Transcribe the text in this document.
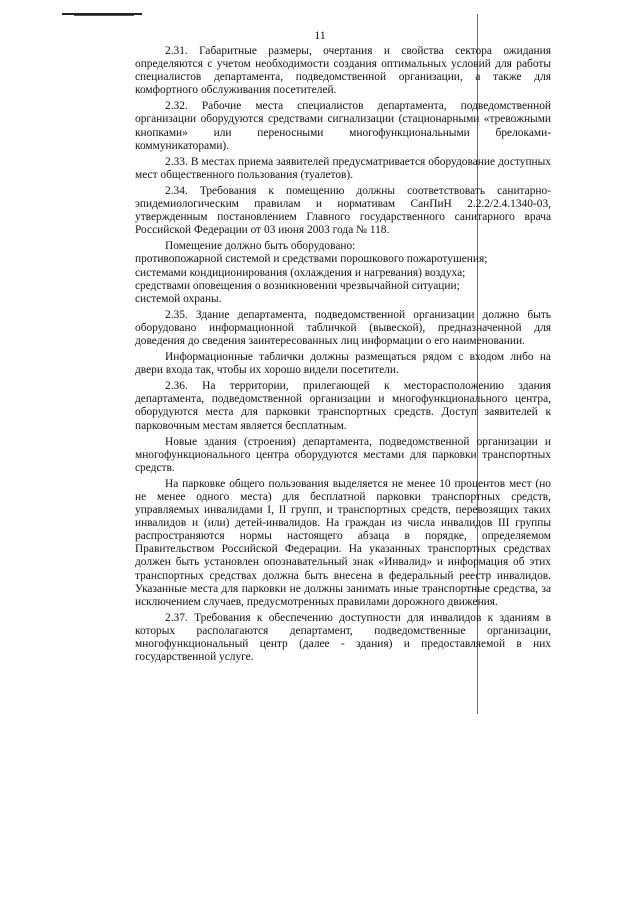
11

2.31. Габаритные размеры, очертания и свойства сектора ожидания определяются с учетом необходимости создания оптимальных условий для работы специалистов департамента, подведомственной организации, а также для комфортного обслуживания посетителей.

2.32. Рабочие места специалистов департамента, подведомственной организации оборудуются средствами сигнализации (стационарными «тревожными кнопками» или переносными многофункциональными брелоками-коммуникаторами).

2.33. В местах приема заявителей предусматривается оборудование доступных мест общественного пользования (туалетов).

2.34. Требования к помещению должны соответствовать санитарно-эпидемиологическим правилам и нормативам СанПиН 2.2.2/2.4.1340-03, утвержденным постановлением Главного государственного санитарного врача Российской Федерации от 03 июня 2003 года № 118.

Помещение должно быть оборудовано:

противопожарной системой и средствами порошкового пожаротушения;

системами кондиционирования (охлаждения и нагревания) воздуха;

средствами оповещения о возникновении чрезвычайной ситуации;

системой охраны.

2.35. Здание департамента, подведомственной организации должно быть оборудовано информационной табличкой (вывеской), предназначенной для доведения до сведения заинтересованных лиц информации о его наименовании.

Информационные таблички должны размещаться рядом с входом либо на двери входа так, чтобы их хорошо видели посетители.

2.36. На территории, прилегающей к месторасположению здания департамента, подведомственной организации и многофункционального центра, оборудуются места для парковки транспортных средств. Доступ заявителей к парковочным местам является бесплатным.

Новые здания (строения) департамента, подведомственной организации и многофункционального центра оборудуются местами для парковки транспортных средств.

На парковке общего пользования выделяется не менее 10 процентов мест (но не менее одного места) для бесплатной парковки транспортных средств, управляемых инвалидами I, II групп, и транспортных средств, перевозящих таких инвалидов и (или) детей-инвалидов. На граждан из числа инвалидов III группы распространяются нормы настоящего абзаца в порядке, определяемом Правительством Российской Федерации. На указанных транспортных средствах должен быть установлен опознавательный знак «Инвалид» и информация об этих транспортных средствах должна быть внесена в федеральный реестр инвалидов. Указанные места для парковки не должны занимать иные транспортные средства, за исключением случаев, предусмотренных правилами дорожного движения.

2.37. Требования к обеспечению доступности для инвалидов к зданиям в которых располагаются департамент, подведомственные организации, многофункциональный центр (далее - здания) и предоставляемой в них государственной услуге.
